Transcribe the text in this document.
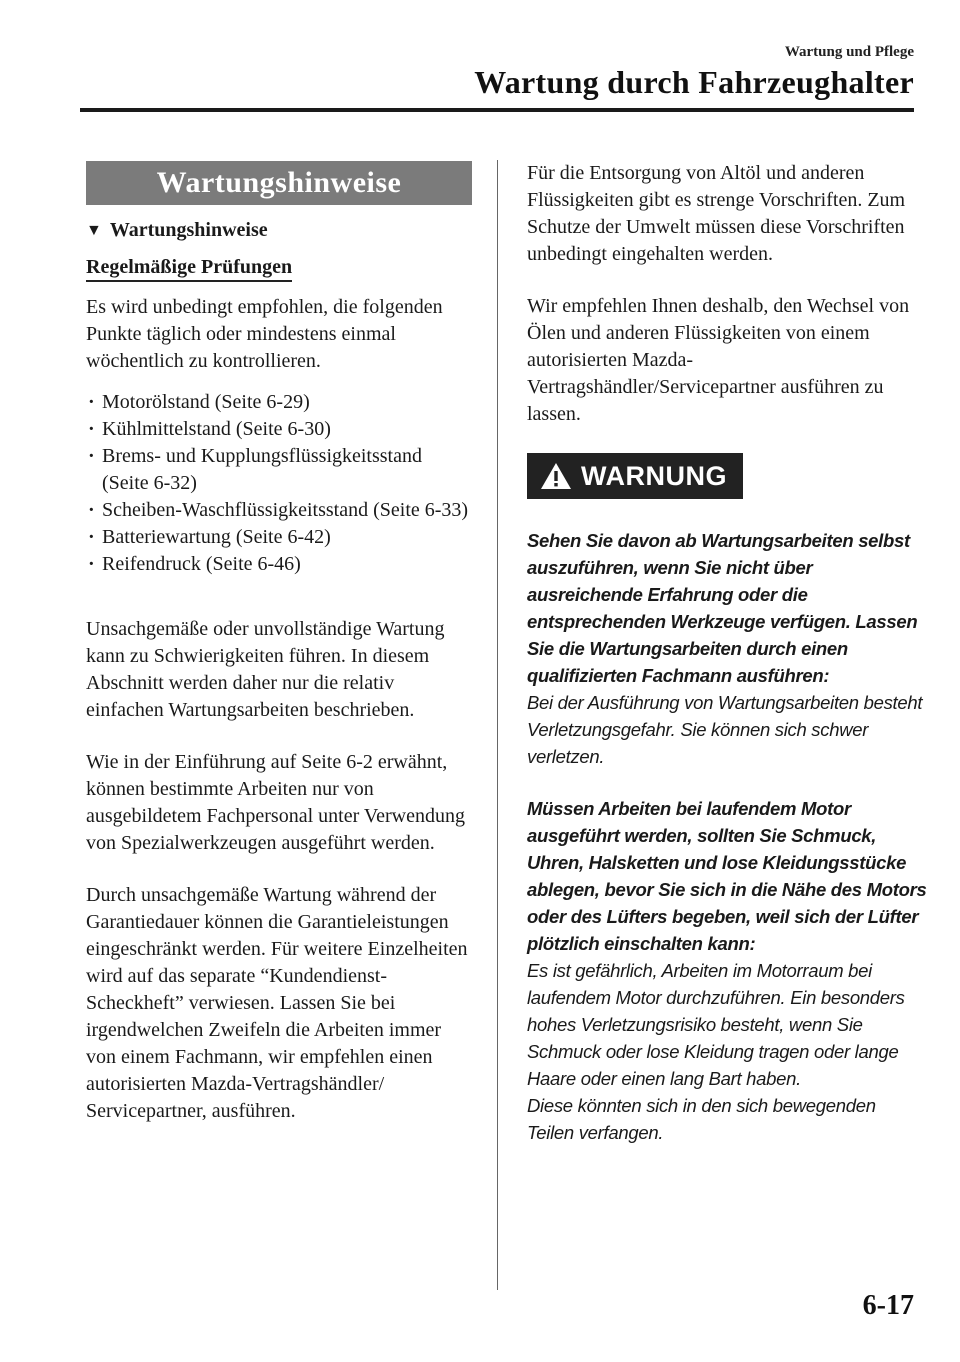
Wartung und Pflege
Wartung durch Fahrzeughalter
Wartungshinweise
▼ Wartungshinweise
Regelmäßige Prüfungen

Es wird unbedingt empfohlen, die folgenden Punkte täglich oder mindestens einmal wöchentlich zu kontrollieren.

· Motorölstand (Seite 6-29)
· Kühlmittelstand (Seite 6-30)
· Brems- und Kupplungsflüssigkeitsstand (Seite 6-32)
· Scheiben-Waschflüssigkeitsstand (Seite 6-33)
· Batteriewartung (Seite 6-42)
· Reifendruck (Seite 6-46)

Unsachgemäße oder unvollständige Wartung kann zu Schwierigkeiten führen. In diesem Abschnitt werden daher nur die relativ einfachen Wartungsarbeiten beschrieben.

Wie in der Einführung auf Seite 6-2 erwähnt, können bestimmte Arbeiten nur von ausgebildetem Fachpersonal unter Verwendung von Spezialwerkzeugen ausgeführt werden.

Durch unsachgemäße Wartung während der Garantiedauer können die Garantieleistungen eingeschränkt werden. Für weitere Einzelheiten wird auf das separate “Kundendienst-Scheckheft” verwiesen. Lassen Sie bei irgendwelchen Zweifeln die Arbeiten immer von einem Fachmann, wir empfehlen einen autorisierten Mazda-Vertragshändler/ Servicepartner, ausführen.

Für die Entsorgung von Altöl und anderen Flüssigkeiten gibt es strenge Vorschriften. Zum Schutze der Umwelt müssen diese Vorschriften unbedingt eingehalten werden.

Wir empfehlen Ihnen deshalb, den Wechsel von Ölen und anderen Flüssigkeiten von einem autorisierten Mazda-Vertragshändler/Servicepartner ausführen zu lassen.

WARNUNG

Sehen Sie davon ab Wartungsarbeiten selbst auszuführen, wenn Sie nicht über ausreichende Erfahrung oder die entsprechenden Werkzeuge verfügen. Lassen Sie die Wartungsarbeiten durch einen qualifizierten Fachmann ausführen:

Bei der Ausführung von Wartungsarbeiten besteht Verletzungsgefahr. Sie können sich schwer verletzen.

Müssen Arbeiten bei laufendem Motor ausgeführt werden, sollten Sie Schmuck, Uhren, Halsketten und lose Kleidungsstücke ablegen, bevor Sie sich in die Nähe des Motors oder des Lüfters begeben, weil sich der Lüfter plötzlich einschalten kann:

Es ist gefährlich, Arbeiten im Motorraum bei laufendem Motor durchzuführen. Ein besonders hohes Verletzungsrisiko besteht, wenn Sie Schmuck oder lose Kleidung tragen oder lange Haare oder einen lang Bart haben.

Diese könnten sich in den sich bewegenden Teilen verfangen.

6-17
